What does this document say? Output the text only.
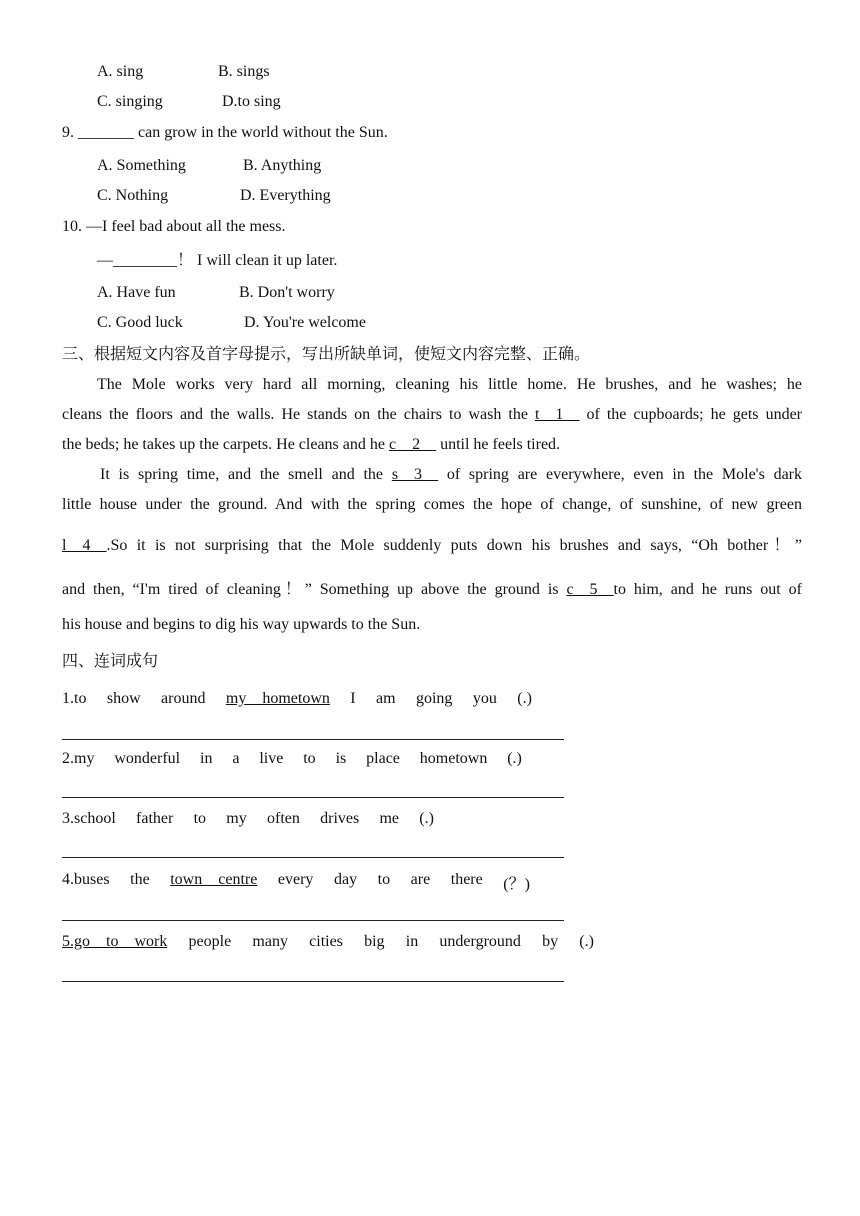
A. sing	B. sings
C. singing	D.to sing
9. _______ can grow in the world without the Sun.
A. Something	B. Anything
C. Nothing	D. Everything
10. —I feel bad about all the mess.
—________！ I will clean it up later.
A. Have fun	B. Don't worry
C. Good luck	D. You're welcome
三、根据短文内容及首字母提示，写出所缺单词，使短文内容完整、正确。
The Mole works very hard all morning, cleaning his little home. He brushes, and he washes; he
cleans the floors and the walls. He stands on the chairs to wash the t__1__ of the cupboards; he gets under
the beds; he takes up the carpets. He cleans and he c__2__ until he feels tired.
It is spring time, and the smell and the s__3__ of spring are everywhere, even in the Mole's dark
little house under the ground. And with the spring comes the hope of change, of sunshine, of new green
l__4__.So it is not surprising that the Mole suddenly puts down his brushes and says, “Oh bother！”
and then, “I'm tired of cleaning！” Something up above the ground is c__5__to him, and he runs out of
his house and begins to dig his way upwards to the Sun.
四、连词成句
1.to show around my__hometown I am going you (.)
2.my wonderful in a live to is place hometown (.)
3.school father to my often drives me (.)
4.buses the town__centre every day to are there (？)
5.go__to__work people many cities big in underground by (.)
